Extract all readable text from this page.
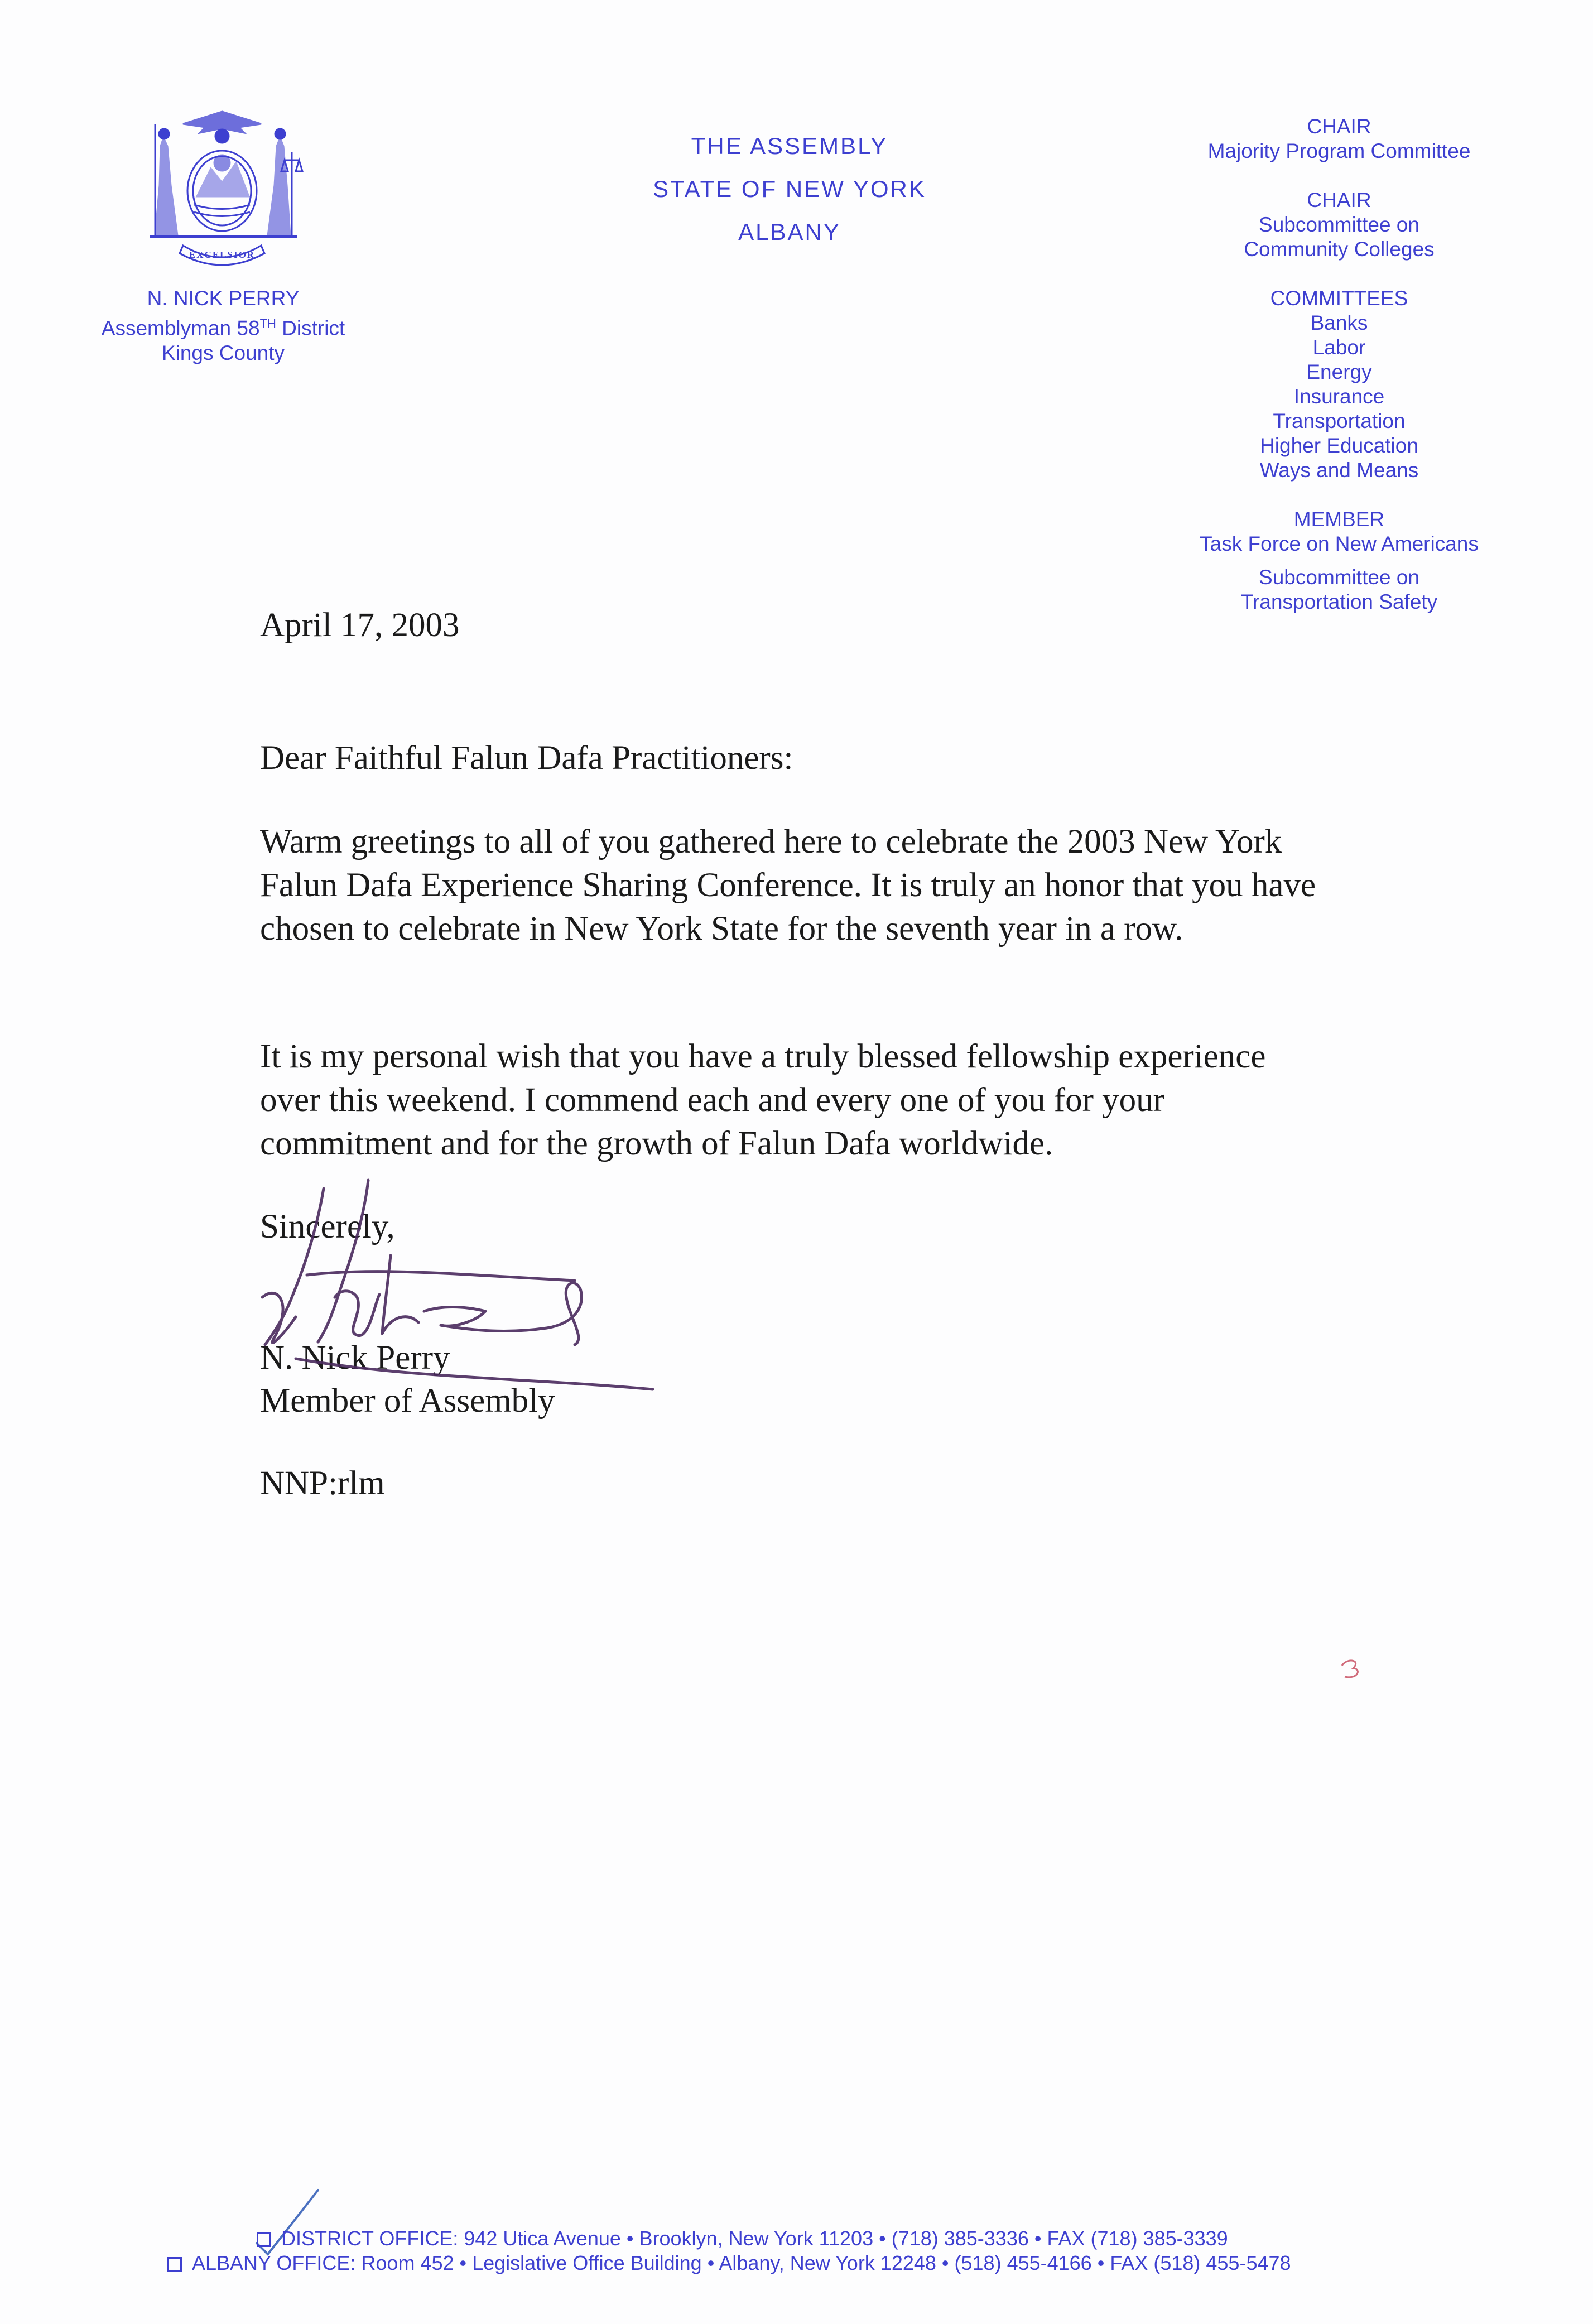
EXCELSIOR
N. NICK PERRY
Assemblyman 58TH District
Kings County
THE ASSEMBLY
STATE OF NEW YORK
ALBANY
CHAIR
Majority Program Committee
CHAIR
Subcommittee on
Community Colleges
COMMITTEES
Banks
Labor
Energy
Insurance
Transportation
Higher Education
Ways and Means
MEMBER
Task Force on New Americans
Subcommittee on
Transportation Safety
April 17, 2003
Dear Faithful Falun Dafa Practitioners:
Warm greetings to all of you gathered here to celebrate the 2003 New York Falun Dafa Experience Sharing Conference. It is truly an honor that you have chosen to celebrate in New York State for the seventh year in a row.
It is my personal wish that you have a truly blessed fellowship experience over this weekend. I commend each and every one of you for your commitment and for the growth of Falun Dafa worldwide.
Sincerely,
N. Nick Perry
Member of Assembly
NNP:rlm
DISTRICT OFFICE: 942 Utica Avenue • Brooklyn, New York 11203 • (718) 385-3336 • FAX (718) 385-3339
ALBANY OFFICE: Room 452 • Legislative Office Building • Albany, New York 12248 • (518) 455-4166 • FAX (518) 455-5478
